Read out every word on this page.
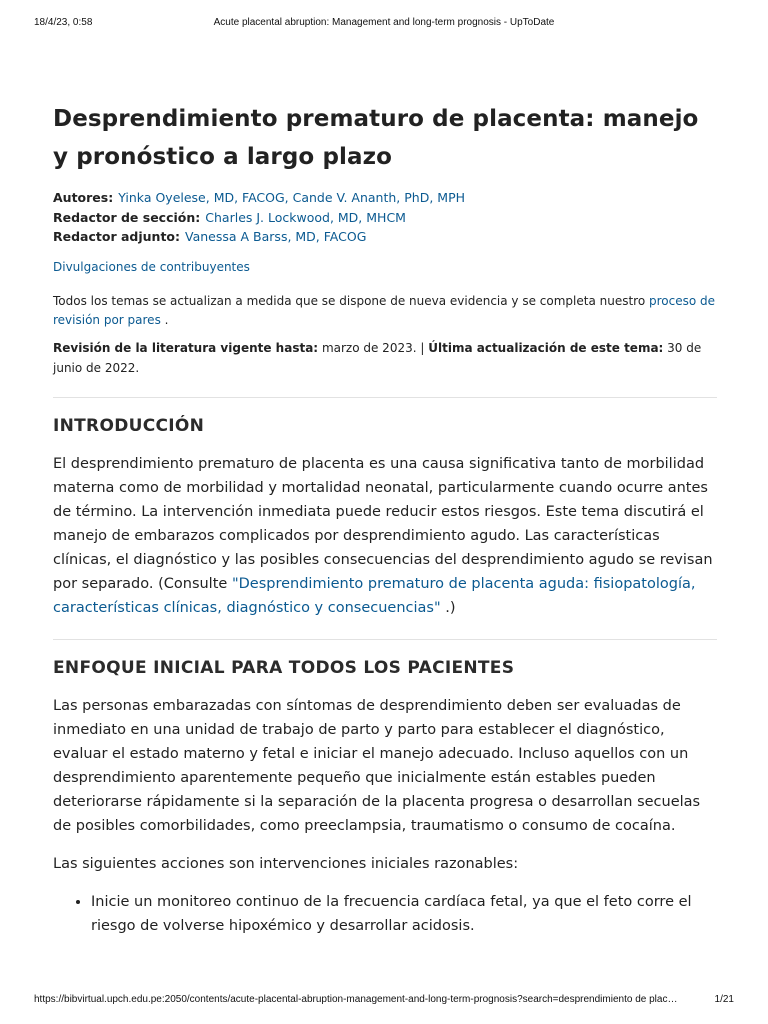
18/4/23, 0:58	Acute placental abruption: Management and long-term prognosis - UpToDate
Desprendimiento prematuro de placenta: manejo y pronóstico a largo plazo
Autores: Yinka Oyelese, MD, FACOG, Cande V. Ananth, PhD, MPH
Redactor de sección: Charles J. Lockwood, MD, MHCM
Redactor adjunto: Vanessa A Barss, MD, FACOG
Divulgaciones de contribuyentes
Todos los temas se actualizan a medida que se dispone de nueva evidencia y se completa nuestro proceso de revisión por pares .
Revisión de la literatura vigente hasta: marzo de 2023. | Última actualización de este tema: 30 de junio de 2022.
INTRODUCCIÓN

El desprendimiento prematuro de placenta es una causa significativa tanto de morbilidad materna como de morbilidad y mortalidad neonatal, particularmente cuando ocurre antes de término. La intervención inmediata puede reducir estos riesgos. Este tema discutirá el manejo de embarazos complicados por desprendimiento agudo. Las características clínicas, el diagnóstico y las posibles consecuencias del desprendimiento agudo se revisan por separado. (Consulte "Desprendimiento prematuro de placenta aguda: fisiopatología, características clínicas, diagnóstico y consecuencias" .)

ENFOQUE INICIAL PARA TODOS LOS PACIENTES

Las personas embarazadas con síntomas de desprendimiento deben ser evaluadas de inmediato en una unidad de trabajo de parto y parto para establecer el diagnóstico, evaluar el estado materno y fetal e iniciar el manejo adecuado. Incluso aquellos con un desprendimiento aparentemente pequeño que inicialmente están estables pueden deteriorarse rápidamente si la separación de la placenta progresa o desarrollan secuelas de posibles comorbilidades, como preeclampsia, traumatismo o consumo de cocaína.

Las siguientes acciones son intervenciones iniciales razonables:

• Inicie un monitoreo continuo de la frecuencia cardíaca fetal, ya que el feto corre el riesgo de volverse hipoxémico y desarrollar acidosis.
https://bibvirtual.upch.edu.pe:2050/contents/acute-placental-abruption-management-and-long-term-prognosis?search=desprendimiento de plac…	1/21
